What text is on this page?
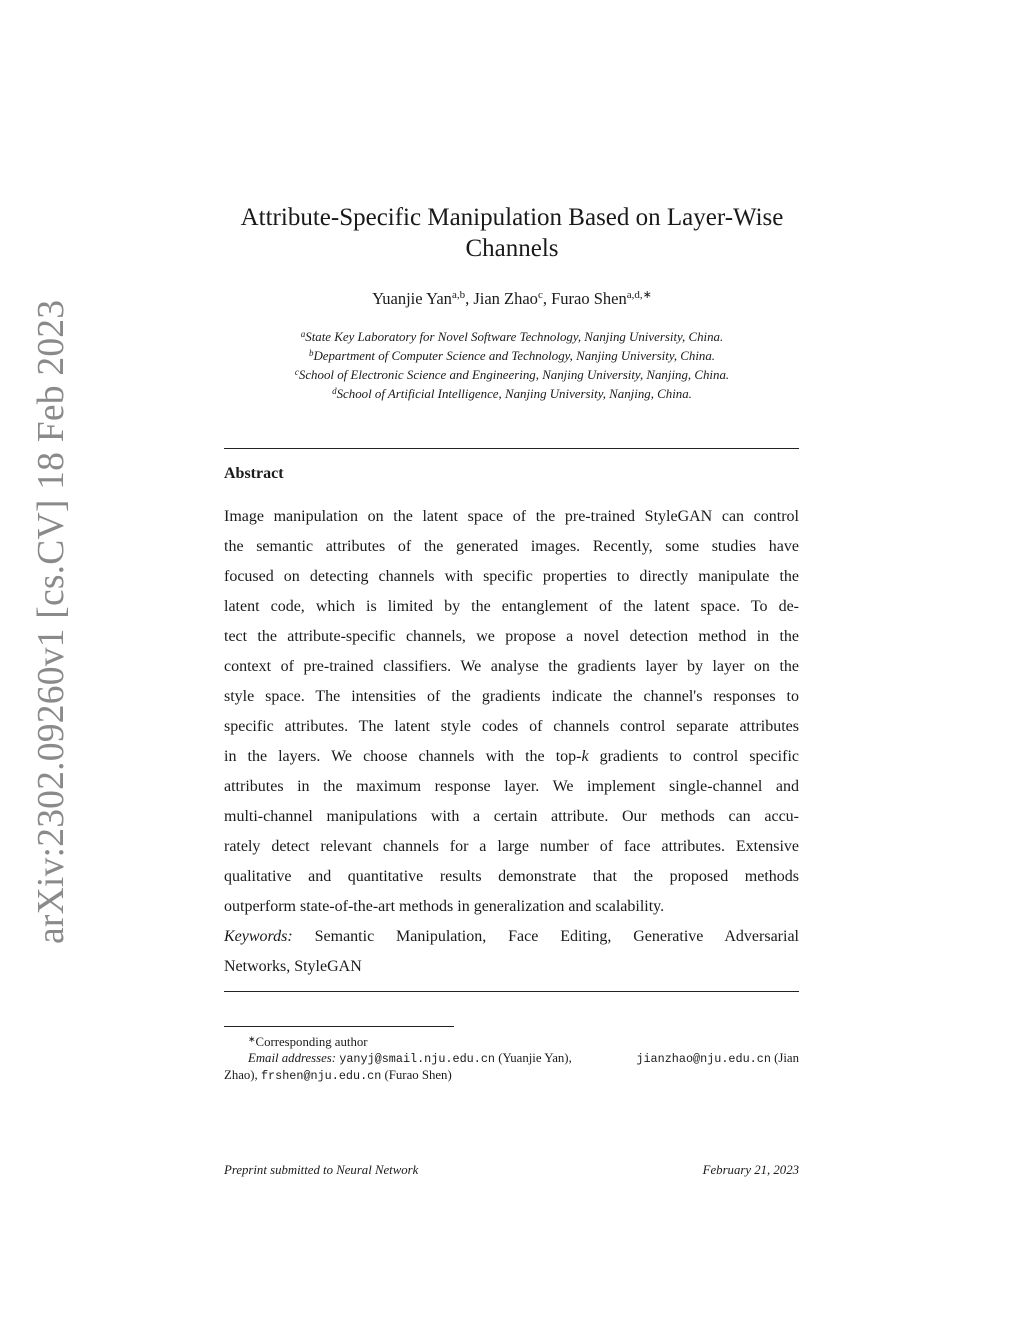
arXiv:2302.09260v1 [cs.CV] 18 Feb 2023
Attribute-Specific Manipulation Based on Layer-Wise
Channels
Yuanjie Yan$^{a,b}$, Jian Zhao$^c$, Furao Shen$^{a,d,∗}$
$^a$State Key Laboratory for Novel Software Technology, Nanjing University, China.
$^b$Department of Computer Science and Technology, Nanjing University, China.
$^c$School of Electronic Science and Engineering, Nanjing University, Nanjing, China.
$^d$School of Artificial Intelligence, Nanjing University, Nanjing, China.
Abstract
Image manipulation on the latent space of the pre-trained StyleGAN can control
the semantic attributes of the generated images. Recently, some studies have
focused on detecting channels with specific properties to directly manipulate the
latent code, which is limited by the entanglement of the latent space. To de-
tect the attribute-specific channels, we propose a novel detection method in the
context of pre-trained classifiers. We analyse the gradients layer by layer on the
style space. The intensities of the gradients indicate the channel's responses to
specific attributes. The latent style codes of channels control separate attributes
in the layers. We choose channels with the top-k gradients to control specific
attributes in the maximum response layer. We implement single-channel and
multi-channel manipulations with a certain attribute. Our methods can accu-
rately detect relevant channels for a large number of face attributes. Extensive
qualitative and quantitative results demonstrate that the proposed methods
outperform state-of-the-art methods in generalization and scalability.
Keywords: Semantic Manipulation, Face Editing, Generative Adversarial
Networks, StyleGAN
∗Corresponding author
Email addresses: yanyj@smail.nju.edu.cn (Yuanjie Yan),	jianzhao@nju.edu.cn (Jian
Zhao), frshen@nju.edu.cn (Furao Shen)
Preprint submitted to Neural Network	February 21, 2023
